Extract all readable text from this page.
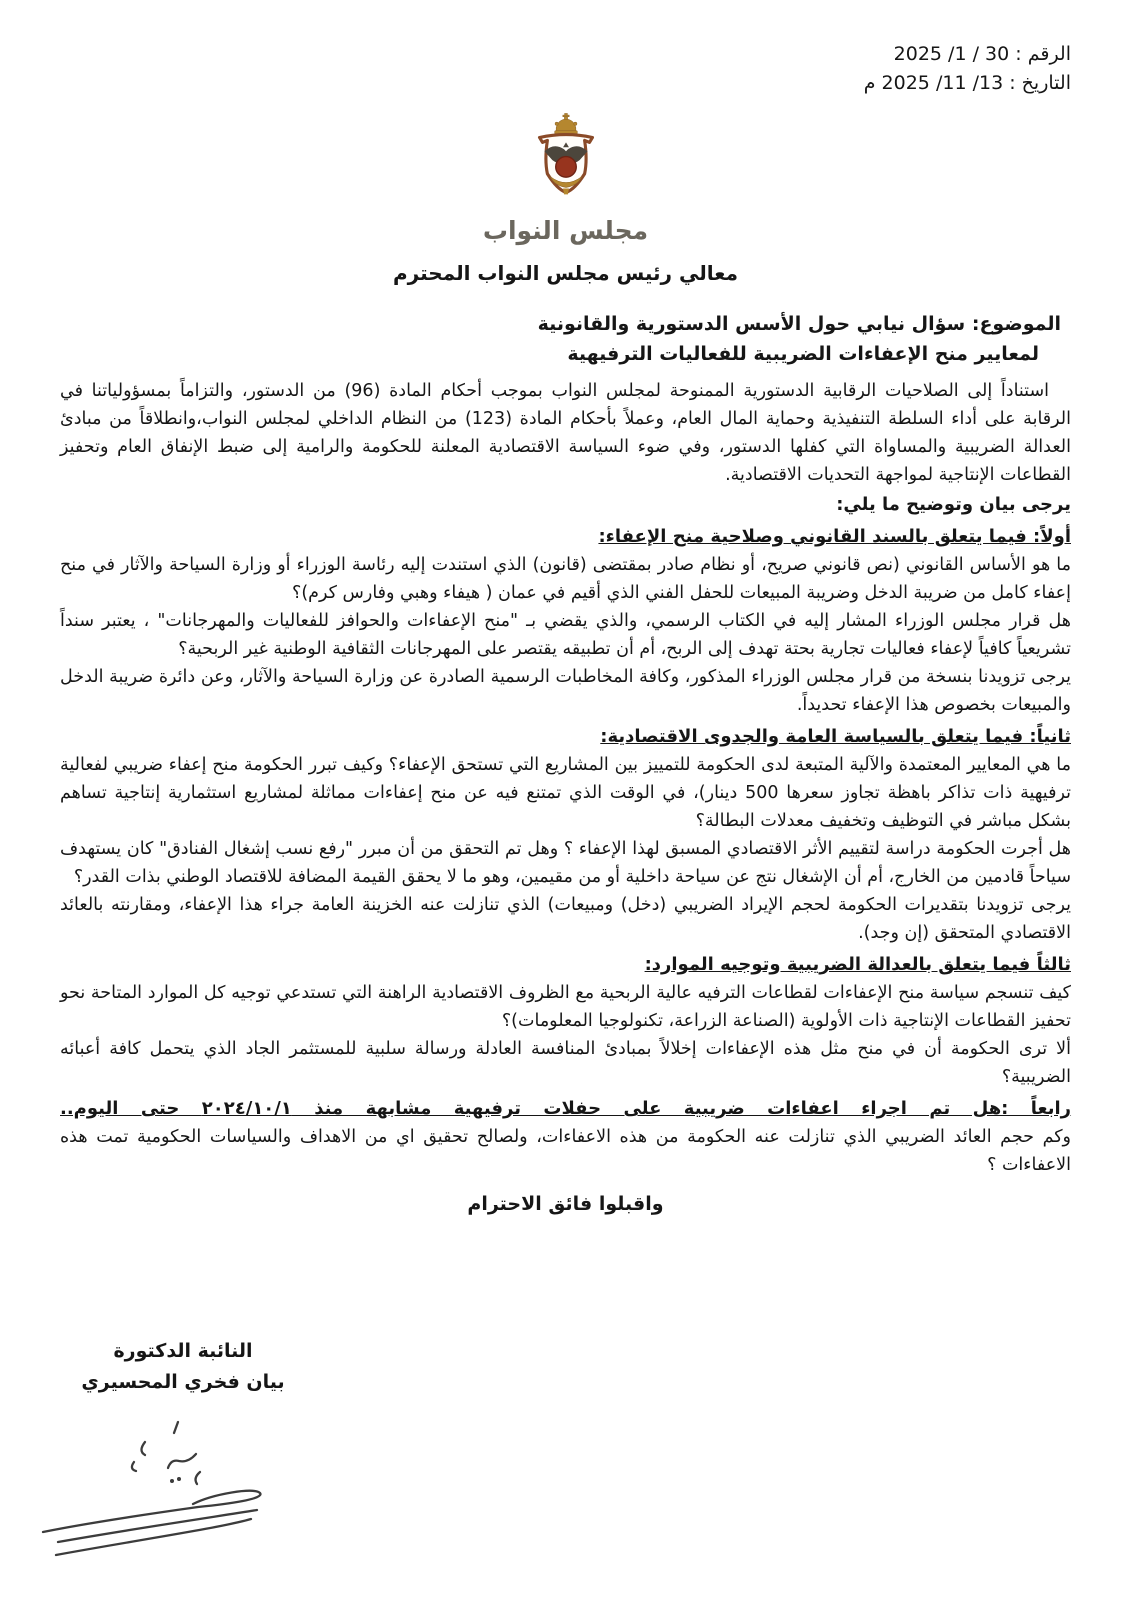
الرقم : 30 / 1/ 2025
التاريخ : 13/ 11/ 2025 م
مجلس النواب
معالي رئيس مجلس النواب المحترم
الموضوع: سؤال نيابي حول الأسس الدستورية والقانونية
لمعايير منح الإعفاءات الضريبية للفعاليات الترفيهية
استناداً إلى الصلاحيات الرقابية الدستورية الممنوحة لمجلس النواب بموجب أحكام المادة (96) من الدستور، والتزاماً بمسؤولياتنا في الرقابة على أداء السلطة التنفيذية وحماية المال العام، وعملاً بأحكام المادة (123) من النظام الداخلي لمجلس النواب،وانطلاقاً من مبادئ العدالة الضريبية والمساواة التي كفلها الدستور، وفي ضوء السياسة الاقتصادية المعلنة للحكومة والرامية إلى ضبط الإنفاق العام وتحفيز القطاعات الإنتاجية لمواجهة التحديات الاقتصادية.
يرجى بيان وتوضيح ما يلي:
أولاً: فيما يتعلق بالسند القانوني وصلاحية منح الإعفاء:
ما هو الأساس القانوني (نص قانوني صريح، أو نظام صادر بمقتضى (قانون) الذي استندت إليه رئاسة الوزراء أو وزارة السياحة والآثار في منح إعفاء كامل من ضريبة الدخل وضريبة المبيعات للحفل الفني الذي أقيم في عمان ( هيفاء وهبي وفارس كرم)؟
هل قرار مجلس الوزراء المشار إليه في الكتاب الرسمي، والذي يقضي بـ "منح الإعفاءات والحوافز للفعاليات والمهرجانات" ، يعتبر سنداً تشريعياً كافياً لإعفاء فعاليات تجارية بحتة تهدف إلى الربح، أم أن تطبيقه يقتصر على المهرجانات الثقافية الوطنية غير الربحية؟
يرجى تزويدنا بنسخة من قرار مجلس الوزراء المذكور، وكافة المخاطبات الرسمية الصادرة عن وزارة السياحة والآثار، وعن دائرة ضريبة الدخل والمبيعات بخصوص هذا الإعفاء تحديداً.
ثانياً: فيما يتعلق بالسياسة العامة والجدوى الاقتصادية:
ما هي المعايير المعتمدة والآلية المتبعة لدى الحكومة للتمييز بين المشاريع التي تستحق الإعفاء؟ وكيف تبرر الحكومة منح إعفاء ضريبي لفعالية ترفيهية ذات تذاكر باهظة تجاوز سعرها 500 دينار)، في الوقت الذي تمتنع فيه عن منح إعفاءات مماثلة لمشاريع استثمارية إنتاجية تساهم بشكل مباشر في التوظيف وتخفيف معدلات البطالة؟
هل أجرت الحكومة دراسة لتقييم الأثر الاقتصادي المسبق لهذا الإعفاء ؟ وهل تم التحقق من أن مبرر "رفع نسب إشغال الفنادق" كان يستهدف سياحاً قادمين من الخارج، أم أن الإشغال نتج عن سياحة داخلية أو من مقيمين، وهو ما لا يحقق القيمة المضافة للاقتصاد الوطني بذات القدر؟
يرجى تزويدنا بتقديرات الحكومة لحجم الإيراد الضريبي (دخل) ومبيعات) الذي تنازلت عنه الخزينة العامة جراء هذا الإعفاء، ومقارنته بالعائد الاقتصادي المتحقق (إن وجد).
ثالثاً فيما يتعلق بالعدالة الضريبية وتوجيه الموارد:
كيف تنسجم سياسة منح الإعفاءات لقطاعات الترفيه عالية الربحية مع الظروف الاقتصادية الراهنة التي تستدعي توجيه كل الموارد المتاحة نحو تحفيز القطاعات الإنتاجية ذات الأولوية (الصناعة الزراعة، تكنولوجيا المعلومات)؟
ألا ترى الحكومة أن في منح مثل هذه الإعفاءات إخلالاً بمبادئ المنافسة العادلة ورسالة سلبية للمستثمر الجاد الذي يتحمل كافة أعبائه الضريبية؟
رابعاً :هل تم اجراء اعفاءات ضريبية على حفلات ترفيهية مشابهة منذ ٢٠٢٤/١٠/١ حتى اليوم..
وكم حجم العائد الضريبي الذي تنازلت عنه الحكومة من هذه الاعفاءات، ولصالح تحقيق اي من الاهداف والسياسات الحكومية تمت هذه الاعفاءات ؟
واقبلوا فائق الاحترام
النائبة الدكتورة
بيان فخري المحسيري
